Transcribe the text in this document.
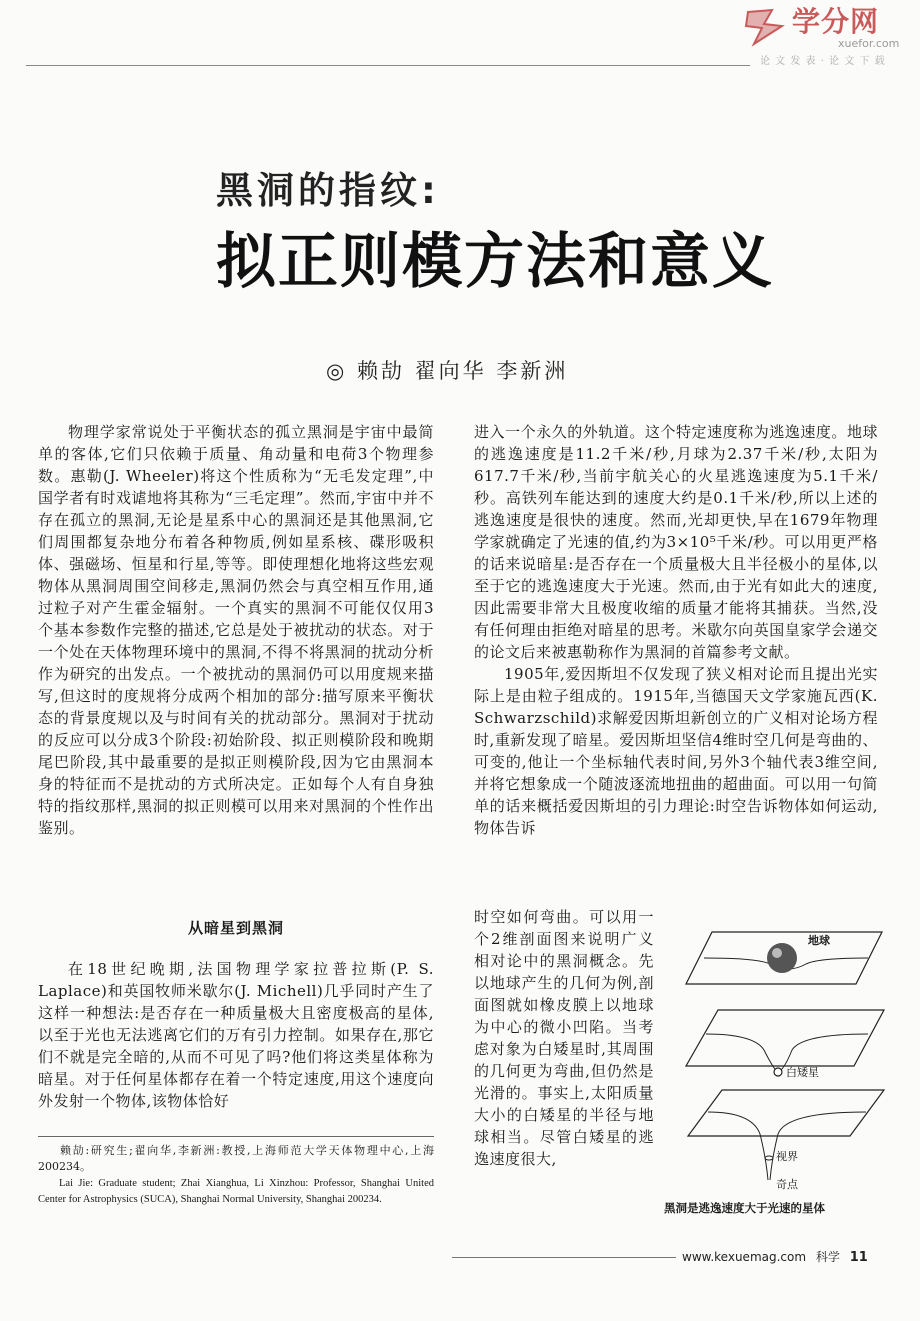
学分网
xuefor.com
论 文 发 表 · 论 文 下 载
黑洞的指纹:
拟正则模方法和意义
◎ 赖劼 翟向华 李新洲

物理学家常说处于平衡状态的孤立黑洞是宇宙中最简单的客体,它们只依赖于质量、角动量和电荷3个物理参数。惠勒(J. Wheeler)将这个性质称为“无毛发定理”,中国学者有时戏谑地将其称为“三毛定理”。然而,宇宙中并不存在孤立的黑洞,无论是星系中心的黑洞还是其他黑洞,它们周围都复杂地分布着各种物质,例如星系核、碟形吸积体、强磁场、恒星和行星,等等。即使理想化地将这些宏观物体从黑洞周围空间移走,黑洞仍然会与真空相互作用,通过粒子对产生霍金辐射。一个真实的黑洞不可能仅仅用3个基本参数作完整的描述,它总是处于被扰动的状态。对于一个处在天体物理环境中的黑洞,不得不将黑洞的扰动分析作为研究的出发点。一个被扰动的黑洞仍可以用度规来描写,但这时的度规将分成两个相加的部分:描写原来平衡状态的背景度规以及与时间有关的扰动部分。黑洞对于扰动的反应可以分成3个阶段:初始阶段、拟正则模阶段和晚期尾巴阶段,其中最重要的是拟正则模阶段,因为它由黑洞本身的特征而不是扰动的方式所决定。正如每个人有自身独特的指纹那样,黑洞的拟正则模可以用来对黑洞的个性作出鉴别。

从暗星到黑洞

在18世纪晚期,法国物理学家拉普拉斯(P. S. Laplace)和英国牧师米歇尔(J. Michell)几乎同时产生了这样一种想法:是否存在一种质量极大且密度极高的星体,以至于光也无法逃离它们的万有引力控制。如果存在,那它们不就是完全暗的,从而不可见了吗?他们将这类星体称为暗星。对于任何星体都存在着一个特定速度,用这个速度向外发射一个物体,该物体恰好

赖劼:研究生;翟向华,李新洲:教授,上海师范大学天体物理中心,上海 200234。

Lai Jie: Graduate student; Zhai Xianghua, Li Xinzhou: Professor, Shanghai United Center for Astrophysics (SUCA), Shanghai Normal University, Shanghai 200234.

进入一个永久的外轨道。这个特定速度称为逃逸速度。地球的逃逸速度是11.2千米/秒,月球为2.37千米/秒,太阳为617.7千米/秒,当前宇航关心的火星逃逸速度为5.1千米/秒。高铁列车能达到的速度大约是0.1千米/秒,所以上述的逃逸速度是很快的速度。然而,光却更快,早在1679年物理学家就确定了光速的值,约为3×10⁵千米/秒。可以用更严格的话来说暗星:是否存在一个质量极大且半径极小的星体,以至于它的逃逸速度大于光速。然而,由于光有如此大的速度,因此需要非常大且极度收缩的质量才能将其捕获。当然,没有任何理由拒绝对暗星的思考。米歇尔向英国皇家学会递交的论文后来被惠勒称作为黑洞的首篇参考文献。

1905年,爱因斯坦不仅发现了狭义相对论而且提出光实际上是由粒子组成的。1915年,当德国天文学家施瓦西(K. Schwarzschild)求解爱因斯坦新创立的广义相对论场方程时,重新发现了暗星。爱因斯坦坚信4维时空几何是弯曲的、可变的,他让一个坐标轴代表时间,另外3个轴代表3维空间,并将它想象成一个随波逐流地扭曲的超曲面。可以用一句简单的话来概括爱因斯坦的引力理论:时空告诉物体如何运动,物体告诉

时空如何弯曲。可以用一个2维剖面图来说明广义相对论中的黑洞概念。先以地球产生的几何为例,剖面图就如橡皮膜上以地球为中心的微小凹陷。当考虑对象为白矮星时,其周围的几何更为弯曲,但仍然是光滑的。事实上,太阳质量大小的白矮星的半径与地球相当。尽管白矮星的逃逸速度很大,

地球
白矮星
视界
奇点
黑洞是逃逸速度大于光速的星体
www.kexuemag.com 科学 11
